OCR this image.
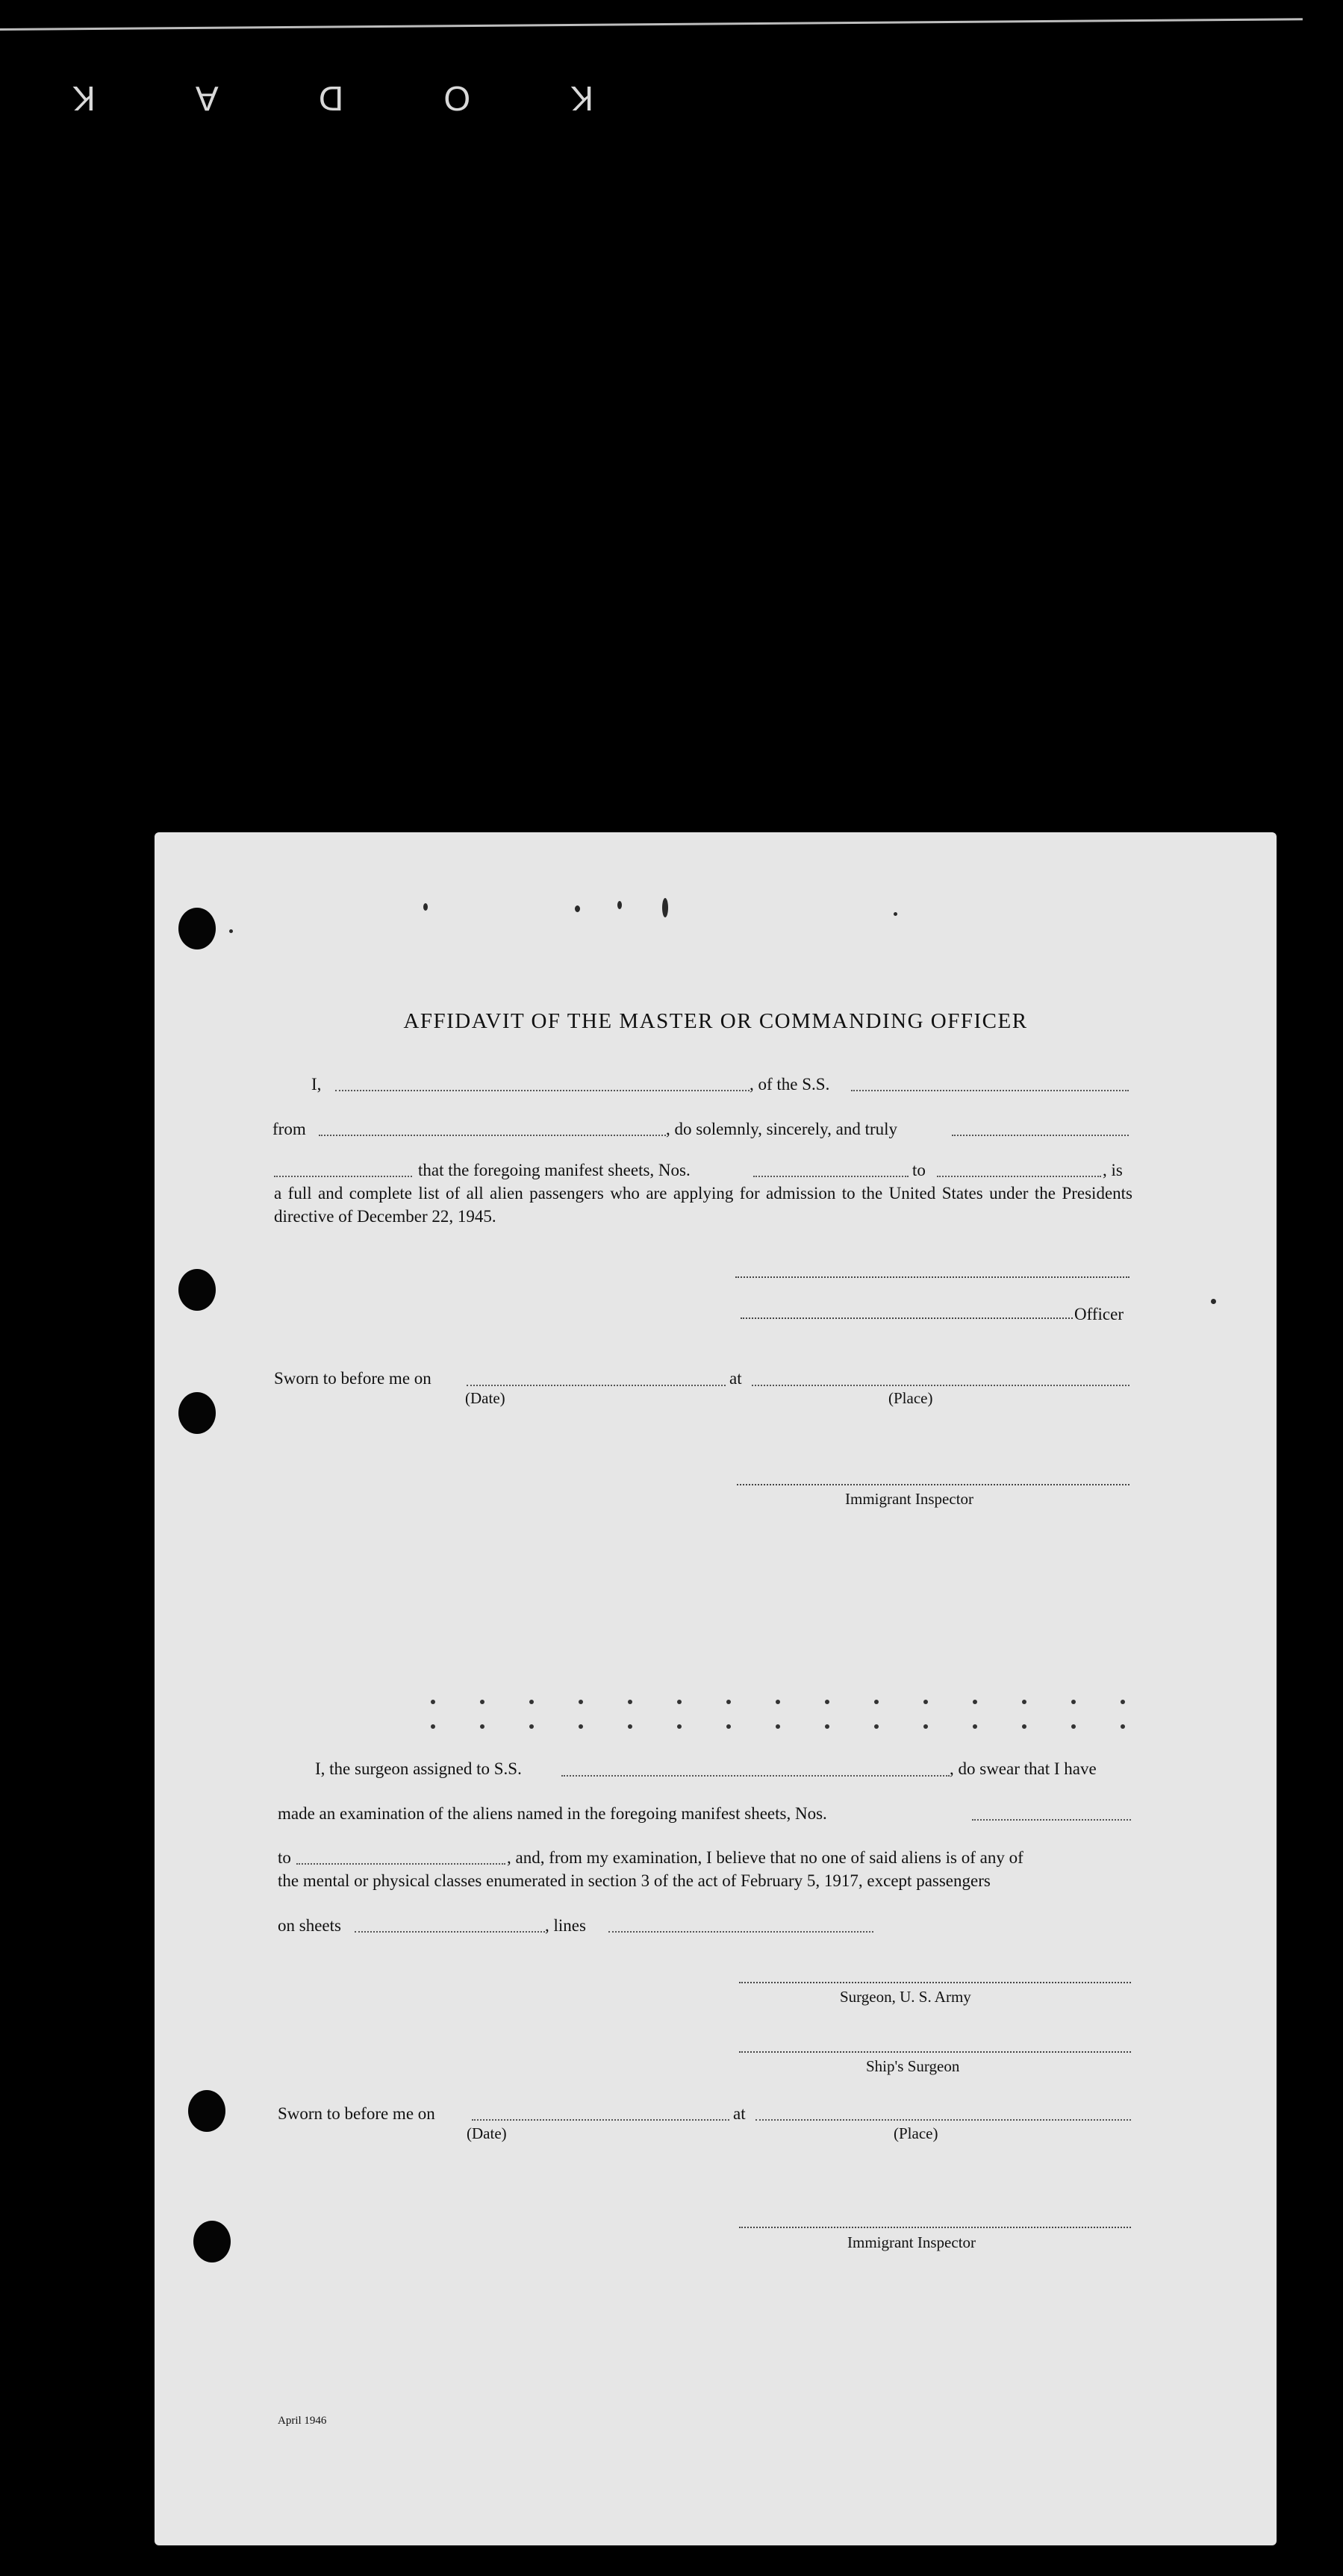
K
O
D
A
K
AFFIDAVIT OF THE MASTER OR COMMANDING OFFICER
I,	, of the S.S.
from	, do solemnly, sincerely, and truly
that the foregoing manifest sheets, Nos.	to	, is
a full and complete list of all alien passengers who are applying for admission to the United States under the Presidents directive of December 22, 1945.
Officer
Sworn to before me on	at
(Date)	(Place)
Immigrant Inspector
I, the surgeon assigned to S.S.	, do swear that I have
made an examination of the aliens named in the foregoing manifest sheets, Nos.
to	, and, from my examination, I believe that no one of said aliens is of any of
the mental or physical classes enumerated in section 3 of the act of February 5, 1917, except passengers
on sheets	, lines
Surgeon, U. S. Army
Ship's Surgeon
Sworn to before me on	at
(Date)	(Place)
Immigrant Inspector
April 1946
